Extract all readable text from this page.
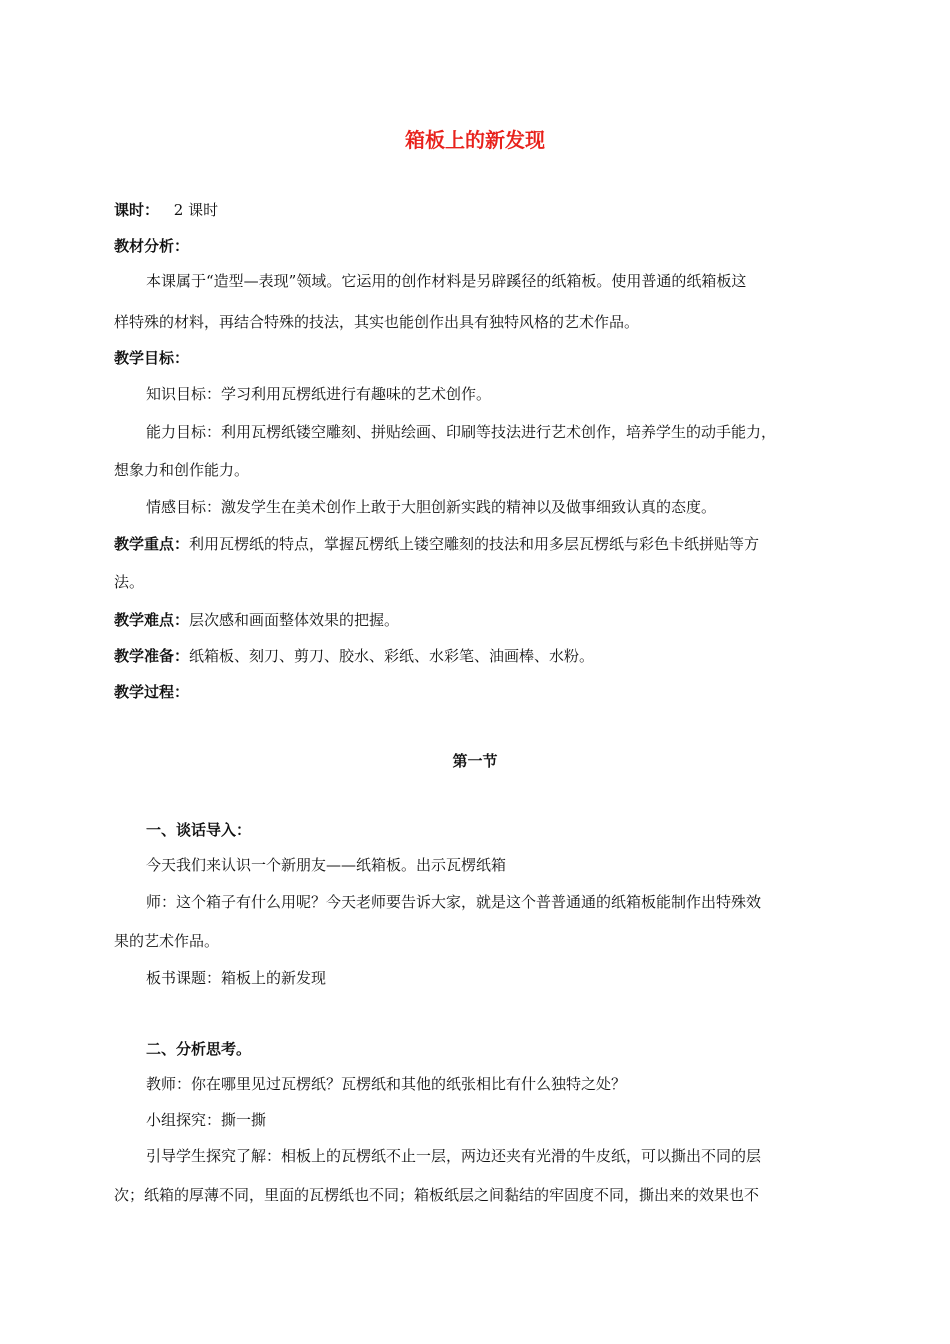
箱板上的新发现
课时： 2 课时
教材分析：
本课属于“造型—表现”领域。它运用的创作材料是另辟蹊径的纸箱板。使用普通的纸箱板这
样特殊的材料，再结合特殊的技法，其实也能创作出具有独特风格的艺术作品。
教学目标：
知识目标：学习利用瓦楞纸进行有趣味的艺术创作。
能力目标：利用瓦楞纸镂空雕刻、拼贴绘画、印刷等技法进行艺术创作，培养学生的动手能力，
想象力和创作能力。
情感目标：激发学生在美术创作上敢于大胆创新实践的精神以及做事细致认真的态度。
教学重点：利用瓦楞纸的特点，掌握瓦楞纸上镂空雕刻的技法和用多层瓦楞纸与彩色卡纸拼贴等方
法。
教学难点：层次感和画面整体效果的把握。
教学准备：纸箱板、刻刀、剪刀、胶水、彩纸、水彩笔、油画棒、水粉。
教学过程：
第一节
一、谈话导入：
今天我们来认识一个新朋友——纸箱板。出示瓦楞纸箱
师：这个箱子有什么用呢？今天老师要告诉大家，就是这个普普通通的纸箱板能制作出特殊效
果的艺术作品。
板书课题：箱板上的新发现
二、分析思考。
教师：你在哪里见过瓦楞纸？瓦楞纸和其他的纸张相比有什么独特之处？
小组探究：撕一撕
引导学生探究了解：相板上的瓦楞纸不止一层，两边还夹有光滑的牛皮纸，可以撕出不同的层
次；纸箱的厚薄不同，里面的瓦楞纸也不同；箱板纸层之间黏结的牢固度不同，撕出来的效果也不
